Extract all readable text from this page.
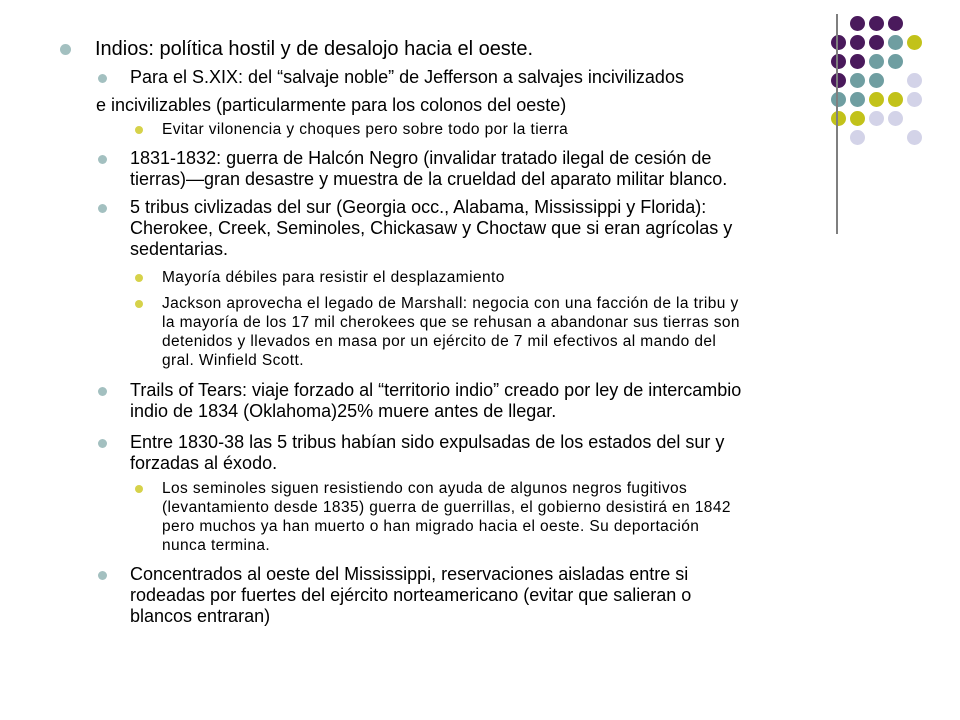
Indios: política hostil y de desalojo hacia el oeste.
Para el S.XIX: del “salvaje noble” de Jefferson a salvajes incivilizados
e incivilizables (particularmente para los colonos del oeste)
Evitar vilonencia y choques pero sobre todo por la tierra
1831-1832: guerra de Halcón Negro (invalidar tratado ilegal de cesión de
tierras)—gran desastre y muestra de la crueldad del aparato militar blanco.
5 tribus civlizadas del sur (Georgia occ., Alabama, Mississippi y Florida):
Cherokee, Creek, Seminoles, Chickasaw y Choctaw que si eran agrícolas y
sedentarias.
Mayoría débiles para resistir el desplazamiento
Jackson aprovecha el legado de Marshall: negocia con una facción de la tribu y
la mayoría de los 17 mil cherokees que se rehusan a abandonar sus tierras son
detenidos y llevados en masa por un ejército de 7 mil efectivos al mando del
gral. Winfield Scott.
Trails of Tears: viaje forzado al “territorio indio” creado por ley de intercambio
indio de 1834 (Oklahoma)25% muere antes de llegar.
Entre 1830-38 las 5 tribus habían sido expulsadas de los estados del sur y
forzadas al éxodo.
Los seminoles siguen resistiendo con ayuda de algunos negros fugitivos
(levantamiento desde 1835) guerra de guerrillas, el gobierno desistirá en 1842
pero muchos ya han muerto o han migrado hacia el oeste. Su deportación
nunca termina.
Concentrados al oeste del Mississippi, reservaciones aisladas entre si
rodeadas por fuertes del ejército norteamericano (evitar que salieran o
blancos entraran)
